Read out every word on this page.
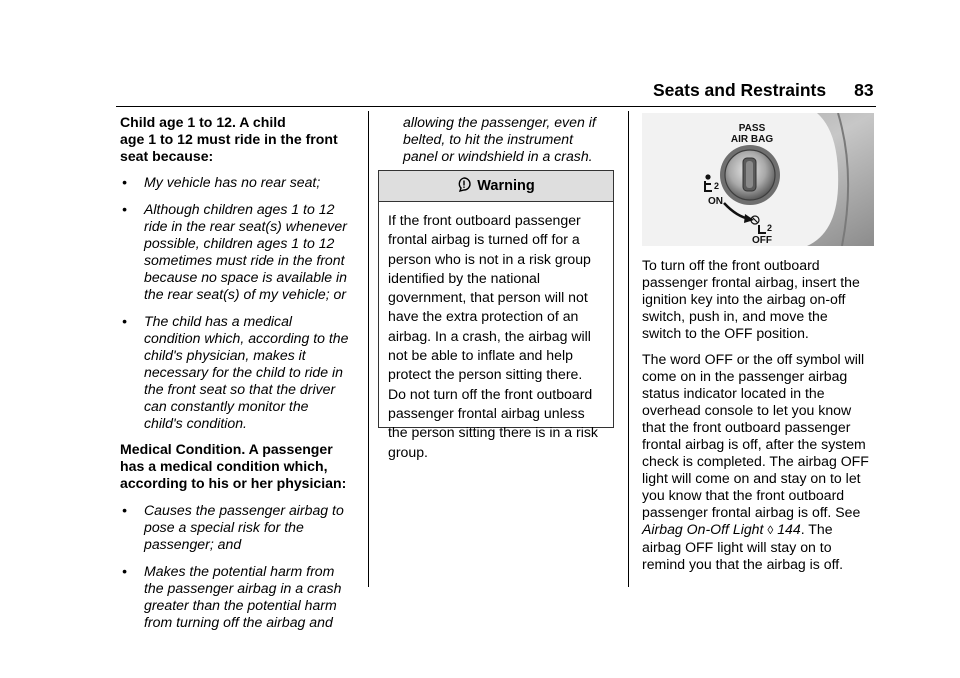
Seats and Restraints 83

Child age 1 to 12. A child
age 1 to 12 must ride in the front
seat because:

• My vehicle has no rear seat;

• Although children ages 1 to 12
ride in the rear seat(s) whenever
possible, children ages 1 to 12
sometimes must ride in the front
because no space is available in
the rear seat(s) of my vehicle; or

• The child has a medical
condition which, according to the
child's physician, makes it
necessary for the child to ride in
the front seat so that the driver
can constantly monitor the
child's condition.

Medical Condition. A passenger
has a medical condition which,
according to his or her physician:

• Causes the passenger airbag to
pose a special risk for the
passenger; and

• Makes the potential harm from
the passenger airbag in a crash
greater than the potential harm
from turning off the airbag and

allowing the passenger, even if
belted, to hit the instrument
panel or windshield in a crash.
Warning
If the front outboard passenger
frontal airbag is turned off for a
person who is not in a risk group
identified by the national
government, that person will not
have the extra protection of an
airbag. In a crash, the airbag will
not be able to inflate and help
protect the person sitting there.
Do not turn off the front outboard
passenger frontal airbag unless
the person sitting there is in a risk
group.
PASS
AIR BAG
2
ON
2
OFF

To turn off the front outboard
passenger frontal airbag, insert the
ignition key into the airbag on-off
switch, push in, and move the
switch to the OFF position.

The word OFF or the off symbol will
come on in the passenger airbag
status indicator located in the
overhead console to let you know
that the front outboard passenger
frontal airbag is off, after the system
check is completed. The airbag OFF
light will come on and stay on to let
you know that the front outboard
passenger frontal airbag is off. See
Airbag On-Off Light ◊ 144. The
airbag OFF light will stay on to
remind you that the airbag is off.
